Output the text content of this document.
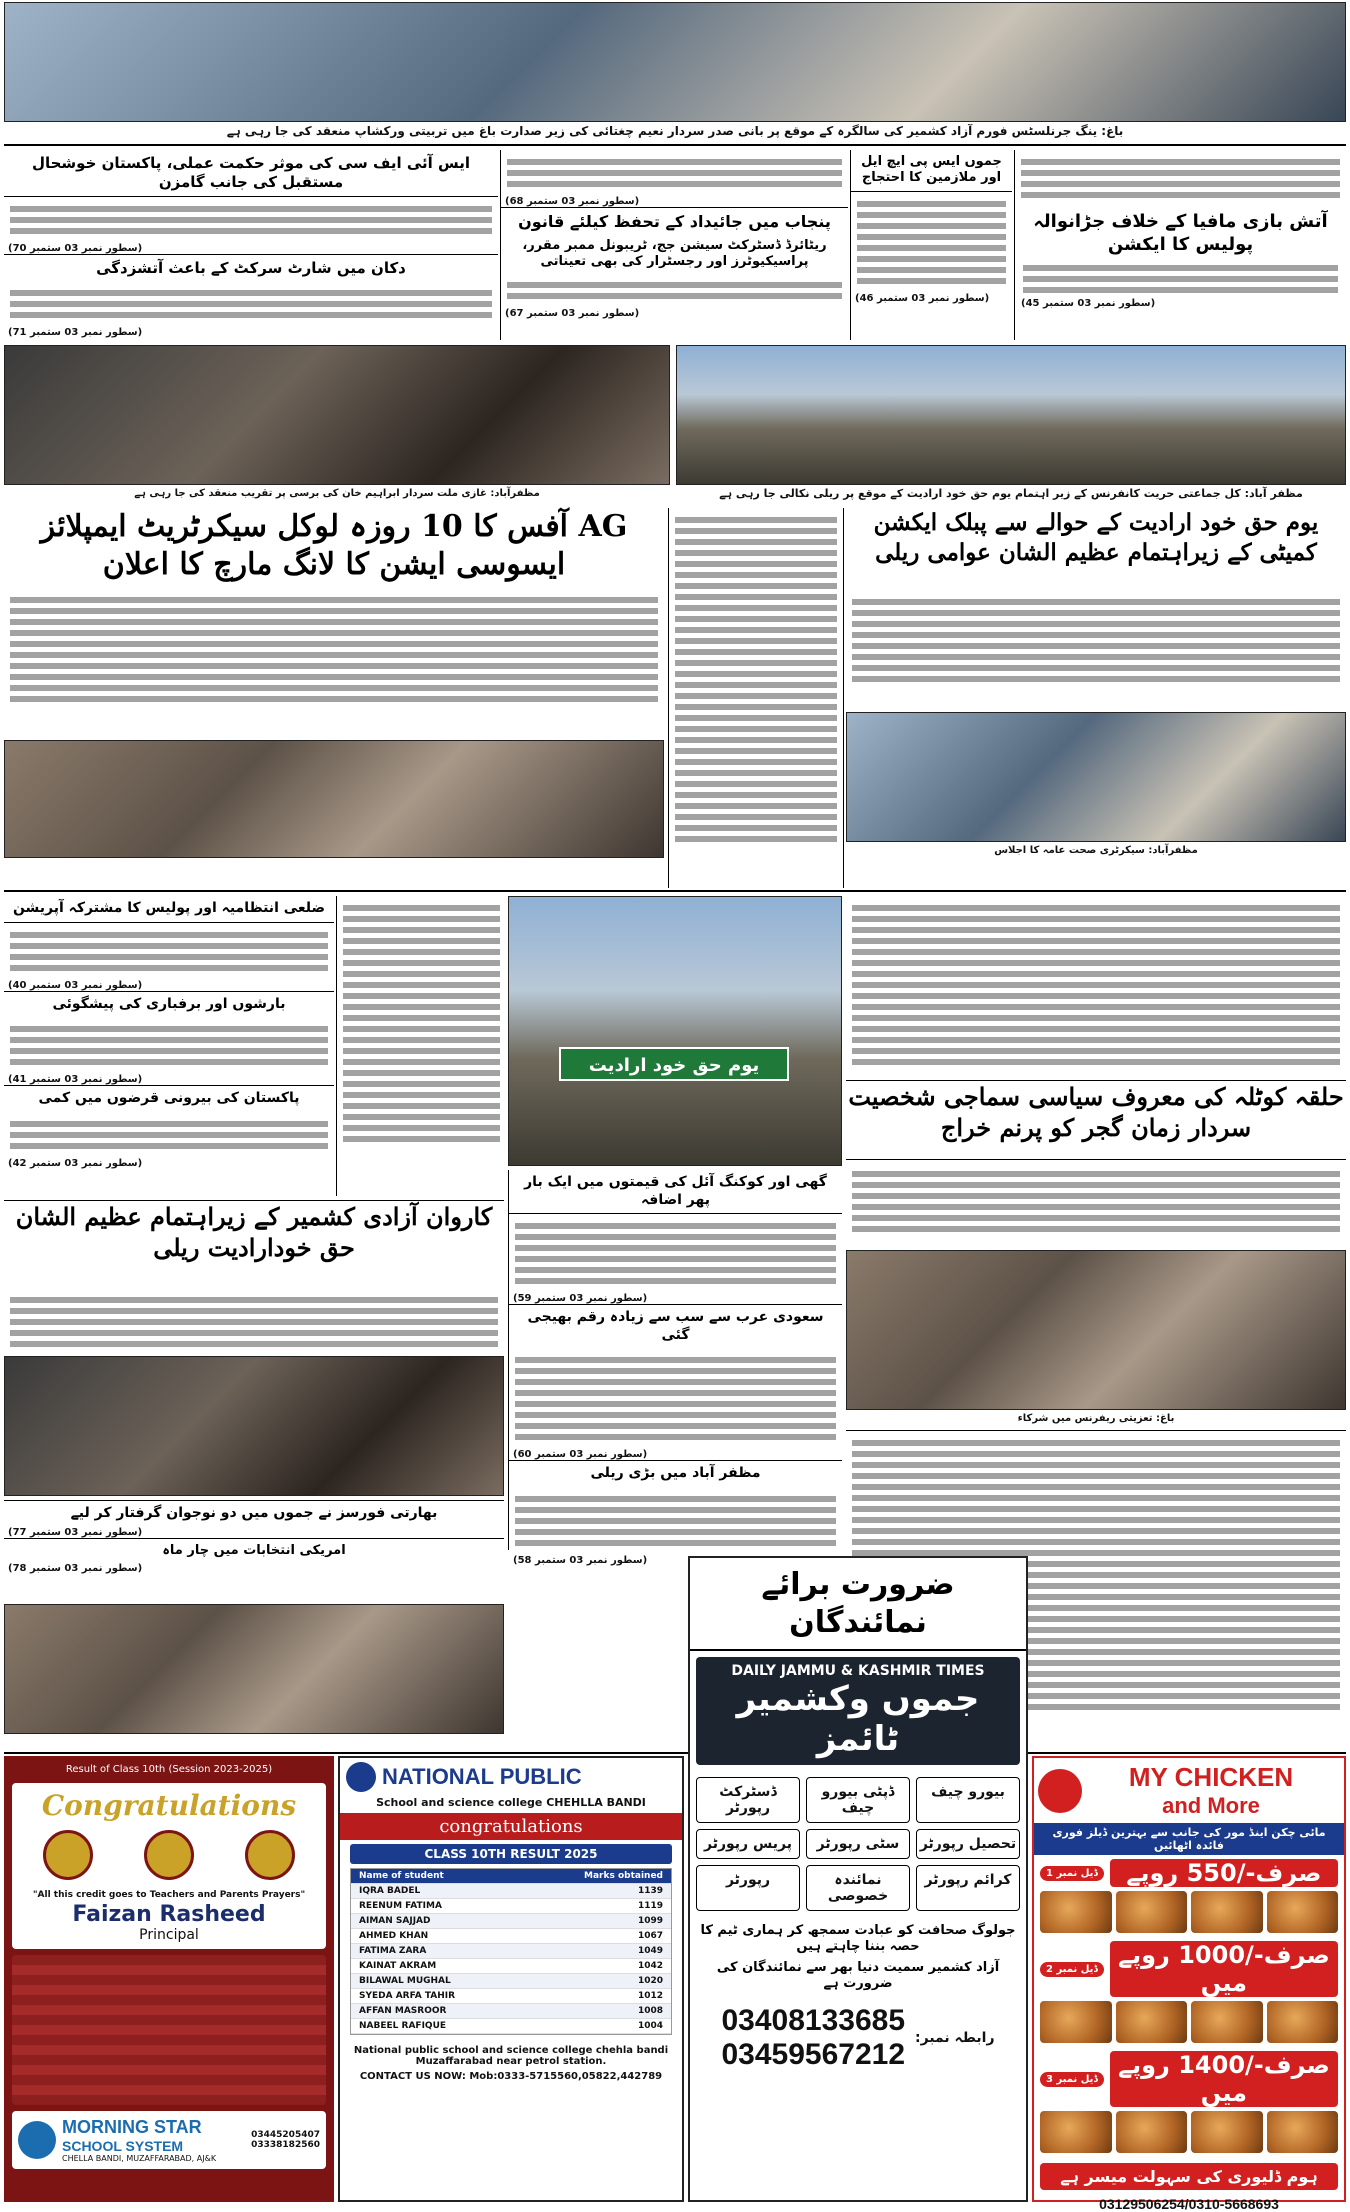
باغ: ینگ جرنلسٹس فورم آزاد کشمیر کی سالگرہ کے موقع پر بانی صدر سردار نعیم چغتائی کی زیر صدارت باغ میں تربیتی ورکشاپ منعقد کی جا رہی ہے
آتش بازی مافیا کے خلاف جڑانوالہ پولیس کا ایکشن
(سطور نمبر 03 ستمبر 45)
جموں ایس پی ایچ ایل اور ملازمین کا احتجاج
(سطور نمبر 03 ستمبر 46)
(سطور نمبر 03 ستمبر 68)
پنجاب میں جائیداد کے تحفظ کیلئے قانون
ریٹائرڈ ڈسٹرکٹ سیشن جج، ٹریبونل ممبر مقرر، پراسیکیوٹرز اور رجسٹرار کی بھی تعیناتی
(سطور نمبر 03 ستمبر 67)
ایس آئی ایف سی کی موثر حکمت عملی، پاکستان خوشحال مستقبل کی جانب گامزن
(سطور نمبر 03 ستمبر 70)
دکان میں شارٹ سرکٹ کے باعث آتشزدگی
(سطور نمبر 03 ستمبر 71)
مظفرآباد: غازی ملت سردار ابراہیم خان کی برسی پر تقریب منعقد کی جا رہی ہے	مظفر آباد: کل جماعتی حریت کانفرنس کے زیر اہتمام یوم حق خود ارادیت کے موقع پر ریلی نکالی جا رہی ہے
AG آفس کا 10 روزہ لوکل سیکرٹریٹ ایمپلائز ایسوسی ایشن کا لانگ مارچ کا اعلان
یوم حق خود ارادیت کے حوالے سے پبلک ایکشن کمیٹی کے زیراہتمام عظیم الشان عوامی ریلی
مظفرآباد: سیکرٹری صحت عامہ کا اجلاس
ضلعی انتظامیہ اور پولیس کا مشترکہ آپریشن
(سطور نمبر 03 ستمبر 40)
بارشوں اور برفباری کی پیشگوئی
(سطور نمبر 03 ستمبر 41)
پاکستان کی بیرونی قرضوں میں کمی
(سطور نمبر 03 ستمبر 42)
یوم حق خود ارادیت
حلقہ کوٹلہ کی معروف سیاسی سماجی شخصیت سردار زمان گجر کو پرنم خراج
باغ: تعزیتی ریفرنس میں شرکاء
کاروان آزادی کشمیر کے زیراہتمام عظیم الشان حق خودارادیت ریلی
گھی اور کوکنگ آئل کی قیمتوں میں ایک بار پھر اضافہ
(سطور نمبر 03 ستمبر 59)
سعودی عرب سے سب سے زیادہ رقم بھیجی گئی
(سطور نمبر 03 ستمبر 60)
مظفر آباد میں بڑی ریلی
(سطور نمبر 03 ستمبر 58)
بھارتی فورسز نے جموں میں دو نوجوان گرفتار کر لیے
(سطور نمبر 03 ستمبر 77)
امریکی انتخابات میں چار ماہ
(سطور نمبر 03 ستمبر 78)	ضرورت برائے نمائندگان
DAILY JAMMU & KASHMIR TIMES
جموں وکشمیر ٹائمز
بیورو چیف
ڈپٹی بیورو چیف
ڈسٹرکٹ رپورٹر
تحصیل رپورٹر
سٹی رپورٹر
پریس رپورٹر
کرائم رپورٹر
نمائندہ خصوصی
رپورٹر
جولوگ صحافت کو عبادت سمجھ کر ہماری ٹیم کا حصہ بننا چاہتے ہیں
آزاد کشمیر سمیت دنیا بھر سے نمائندگان کی ضرورت ہے
03408133685
03459567212 رابطہ نمبر:
Result of Class 10th (Session 2023-2025)
Congratulations
"All this credit goes to Teachers and Parents Prayers"
Faizan Rasheed
Principal
MORNING STAR
SCHOOL SYSTEM
CHELLA BANDI, MUZAFFARABAD, AJ&K
03445205407
03338182560
NATIONAL PUBLIC
School and science college CHEHLLA BANDI
congratulations
CLASS 10TH RESULT 2025
Name of student	Marks obtained
IQRA BADEL	1139
REENUM FATIMA	1119
AIMAN SAJJAD	1099
AHMED KHAN	1067
FATIMA ZARA	1049
KAINAT AKRAM	1042
BILAWAL MUGHAL	1020
SYEDA ARFA TAHIR	1012
AFFAN MASROOR	1008
NABEEL RAFIQUE	1004
National public school and science college chehla bandi Muzaffarabad near petrol station.
CONTACT US NOW: Mob:0333-5715560,05822,442789
MY CHICKEN
and More
مائی چکن اینڈ مور کی جانب سے بہترین ڈیلز فوری فائدہ اٹھائیں
ڈیل نمبر 1	صرف-/550 روپے
ڈیل نمبر 2 صرف-/1000 روپے میں
ڈیل نمبر 3 صرف-/1400 روپے میں
ہوم ڈلیوری کی سہولت میسر ہے
03129506254/0310-5668693
